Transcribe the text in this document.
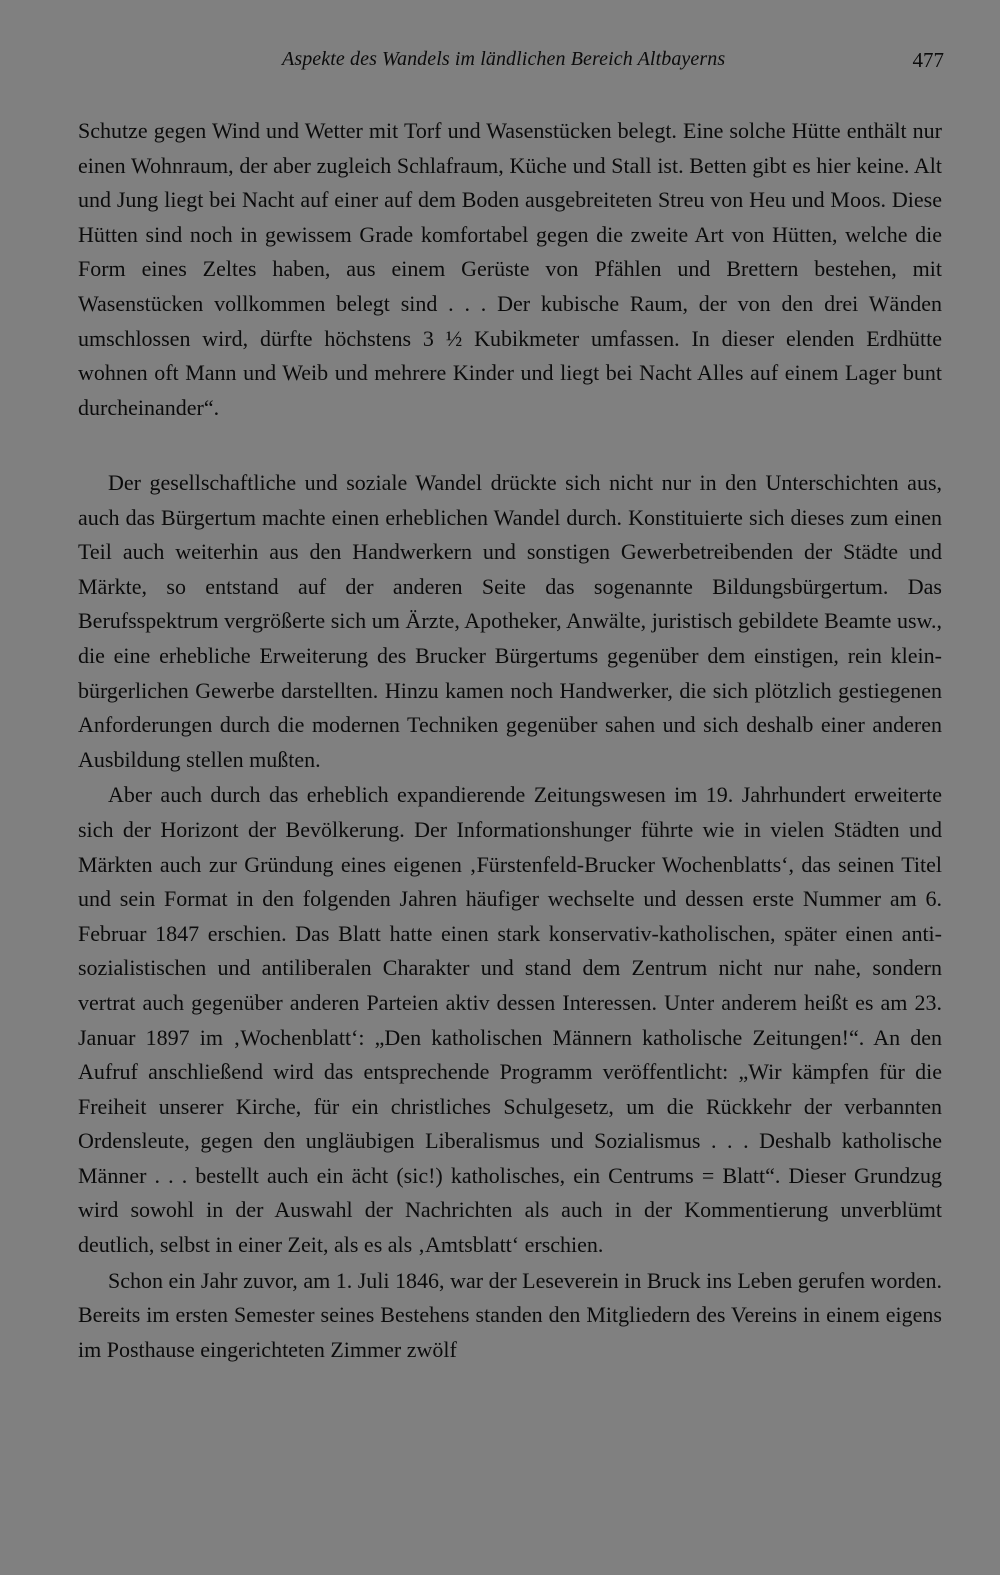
Aspekte des Wandels im ländlichen Bereich Altbayerns	477

Schutze gegen Wind und Wetter mit Torf und Wasenstücken belegt. Eine solche Hütte enthält nur einen Wohnraum, der aber zugleich Schlafraum, Küche und Stall ist. Betten gibt es hier keine. Alt und Jung liegt bei Nacht auf einer auf dem Boden ausgebreiteten Streu von Heu und Moos. Diese Hütten sind noch in gewissem Grade komfortabel gegen die zweite Art von Hütten, welche die Form eines Zeltes haben, aus einem Gerüste von Pfählen und Brettern bestehen, mit Wasenstücken vollkommen belegt sind . . . Der kubische Raum, der von den drei Wänden umschlossen wird, dürfte höchstens 3 ½ Kubikmeter umfassen. In dieser elenden Erdhütte wohnen oft Mann und Weib und mehrere Kinder und liegt bei Nacht Alles auf einem Lager bunt durcheinander“.

Der gesellschaftliche und soziale Wandel drückte sich nicht nur in den Unterschichten aus, auch das Bürgertum machte einen erheblichen Wandel durch. Konstituierte sich dieses zum einen Teil auch weiterhin aus den Handwerkern und sonstigen Gewerbetreibenden der Städte und Märkte, so entstand auf der anderen Seite das sogenannte Bildungsbürgertum. Das Berufsspektrum vergrößerte sich um Ärzte, Apotheker, Anwälte, juristisch gebildete Beamte usw., die eine erhebliche Erweiterung des Brucker Bürgertums gegenüber dem einstigen, rein kleinbürgerlichen Gewerbe darstellten. Hinzu kamen noch Handwerker, die sich plötzlich gestiegenen Anforderungen durch die modernen Techniken gegenüber sahen und sich deshalb einer anderen Ausbildung stellen mußten.

Aber auch durch das erheblich expandierende Zeitungswesen im 19. Jahrhundert erweiterte sich der Horizont der Bevölkerung. Der Informationshunger führte wie in vielen Städten und Märkten auch zur Gründung eines eigenen ‚Fürstenfeld-Brucker Wochenblatts‘, das seinen Titel und sein Format in den folgenden Jahren häufiger wechselte und dessen erste Nummer am 6. Februar 1847 erschien. Das Blatt hatte einen stark konservativ-katholischen, später einen antisozialistischen und antiliberalen Charakter und stand dem Zentrum nicht nur nahe, sondern vertrat auch gegenüber anderen Parteien aktiv dessen Interessen. Unter anderem heißt es am 23. Januar 1897 im ‚Wochenblatt‘: „Den katholischen Männern katholische Zeitungen!“. An den Aufruf anschließend wird das entsprechende Programm veröffentlicht: „Wir kämpfen für die Freiheit unserer Kirche, für ein christliches Schulgesetz, um die Rückkehr der verbannten Ordensleute, gegen den ungläubigen Liberalismus und Sozialismus . . . Deshalb katholische Männer . . . bestellt auch ein ächt (sic!) katholisches, ein Centrums = Blatt“. Dieser Grundzug wird sowohl in der Auswahl der Nachrichten als auch in der Kommentierung unverblümt deutlich, selbst in einer Zeit, als es als ‚Amtsblatt‘ erschien.

Schon ein Jahr zuvor, am 1. Juli 1846, war der Leseverein in Bruck ins Leben gerufen worden. Bereits im ersten Semester seines Bestehens standen den Mitgliedern des Vereins in einem eigens im Posthause eingerichteten Zimmer zwölf
